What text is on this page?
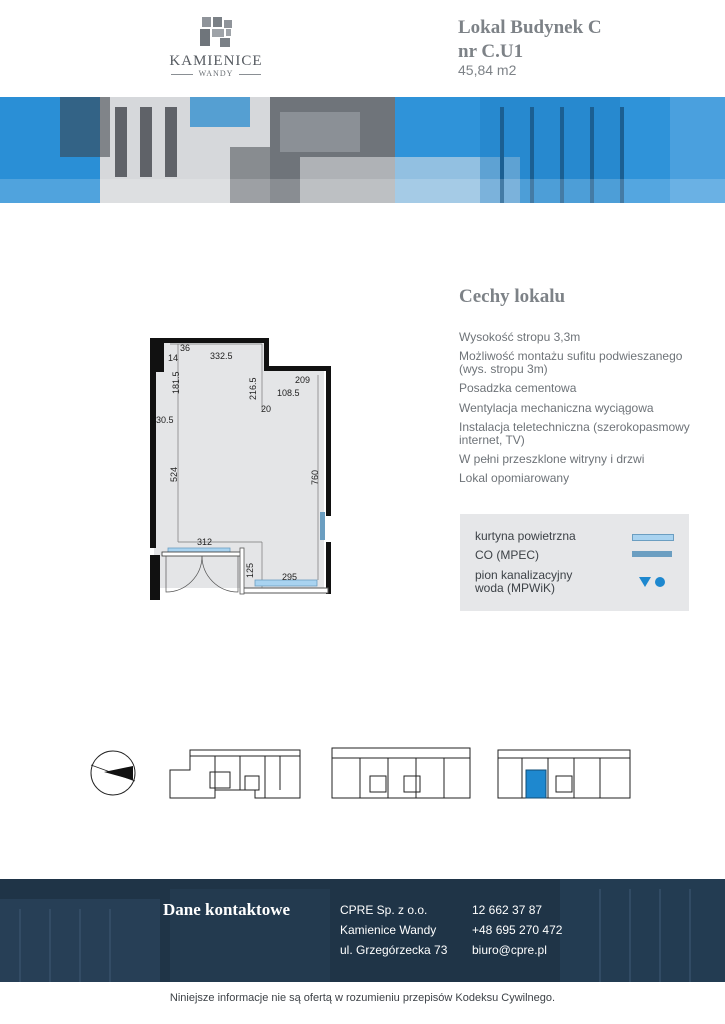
KAMIENICE
WANDY
Lokal Budynek C
nr C.U1
45,84 m2
36
14	332.5
209
108.5
20
30.5
312
295
181.5	216.5
524	760
125
Cechy lokalu
Wysokość stropu 3,3m
Możliwość montażu sufitu podwieszanego (wys. stropu 3m)
Posadzka cementowa
Wentylacja mechaniczna wyciągowa
Instalacja teletechniczna (szerokopasmowy internet, TV)
W pełni przeszklone witryny i drzwi
Lokal opomiarowany
kurtyna powietrzna
CO (MPEC)
pion kanalizacyjny woda (MPWiK)
Dane kontaktowe	CPRE Sp. z o.o.
Kamienice Wandy
ul. Grzegórzecka 73
12 662 37 87
+48 695 270 472
biuro@cpre.pl
Niniejsze informacje nie są ofertą w rozumieniu przepisów Kodeksu Cywilnego.
